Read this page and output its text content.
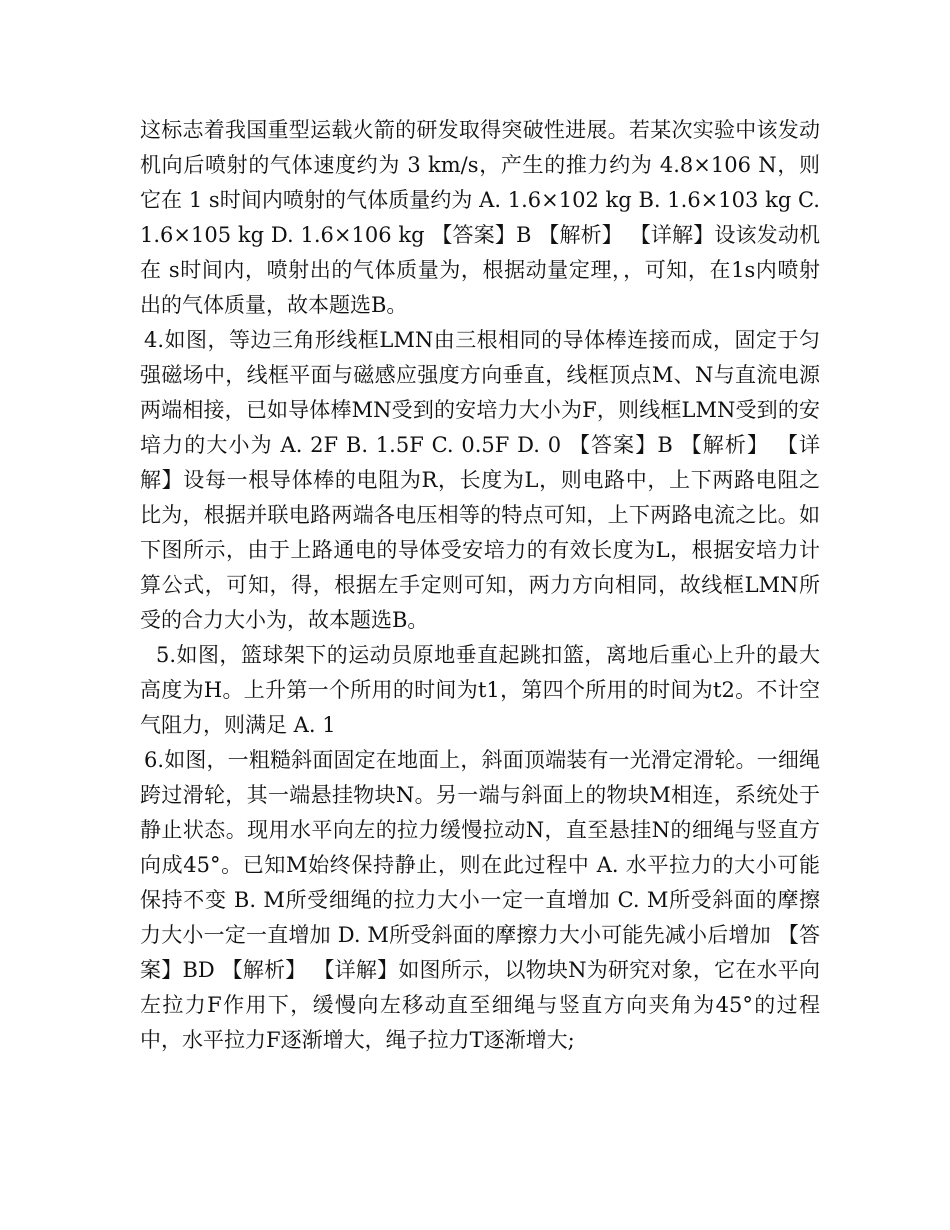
这标志着我国重型运载火箭的研发取得突破性进展。若某次实验中该发动机向后喷射的气体速度约为 3 km/s，产生的推力约为 4.8×106 N，则它在 1 s时间内喷射的气体质量约为 A. 1.6×102 kg B. 1.6×103 kg C. 1.6×105 kg D. 1.6×106 kg 【答案】B 【解析】 【详解】设该发动机在 s时间内，喷射出的气体质量为，根据动量定理，，可知，在1s内喷射出的气体质量，故本题选B。

4.如图，等边三角形线框LMN由三根相同的导体棒连接而成，固定于匀强磁场中，线框平面与磁感应强度方向垂直，线框顶点M、N与直流电源两端相接，已如导体棒MN受到的安培力大小为F，则线框LMN受到的安培力的大小为 A. 2F B. 1.5F C. 0.5F D. 0 【答案】B 【解析】 【详解】设每一根导体棒的电阻为R，长度为L，则电路中，上下两路电阻之比为，根据并联电路两端各电压相等的特点可知，上下两路电流之比。如下图所示，由于上路通电的导体受安培力的有效长度为L，根据安培力计算公式，可知，得，根据左手定则可知，两力方向相同，故线框LMN所受的合力大小为，故本题选B。

5.如图，篮球架下的运动员原地垂直起跳扣篮，离地后重心上升的最大高度为H。上升第一个所用的时间为t1，第四个所用的时间为t2。不计空气阻力，则满足 A. 1

6.如图，一粗糙斜面固定在地面上，斜面顶端装有一光滑定滑轮。一细绳跨过滑轮，其一端悬挂物块N。另一端与斜面上的物块M相连，系统处于静止状态。现用水平向左的拉力缓慢拉动N，直至悬挂N的细绳与竖直方向成45°。已知M始终保持静止，则在此过程中 A. 水平拉力的大小可能保持不变 B. M所受细绳的拉力大小一定一直增加 C. M所受斜面的摩擦力大小一定一直增加 D. M所受斜面的摩擦力大小可能先减小后增加 【答案】BD 【解析】 【详解】如图所示，以物块N为研究对象，它在水平向左拉力F作用下，缓慢向左移动直至细绳与竖直方向夹角为45°的过程中，水平拉力F逐渐增大，绳子拉力T逐渐增大;
